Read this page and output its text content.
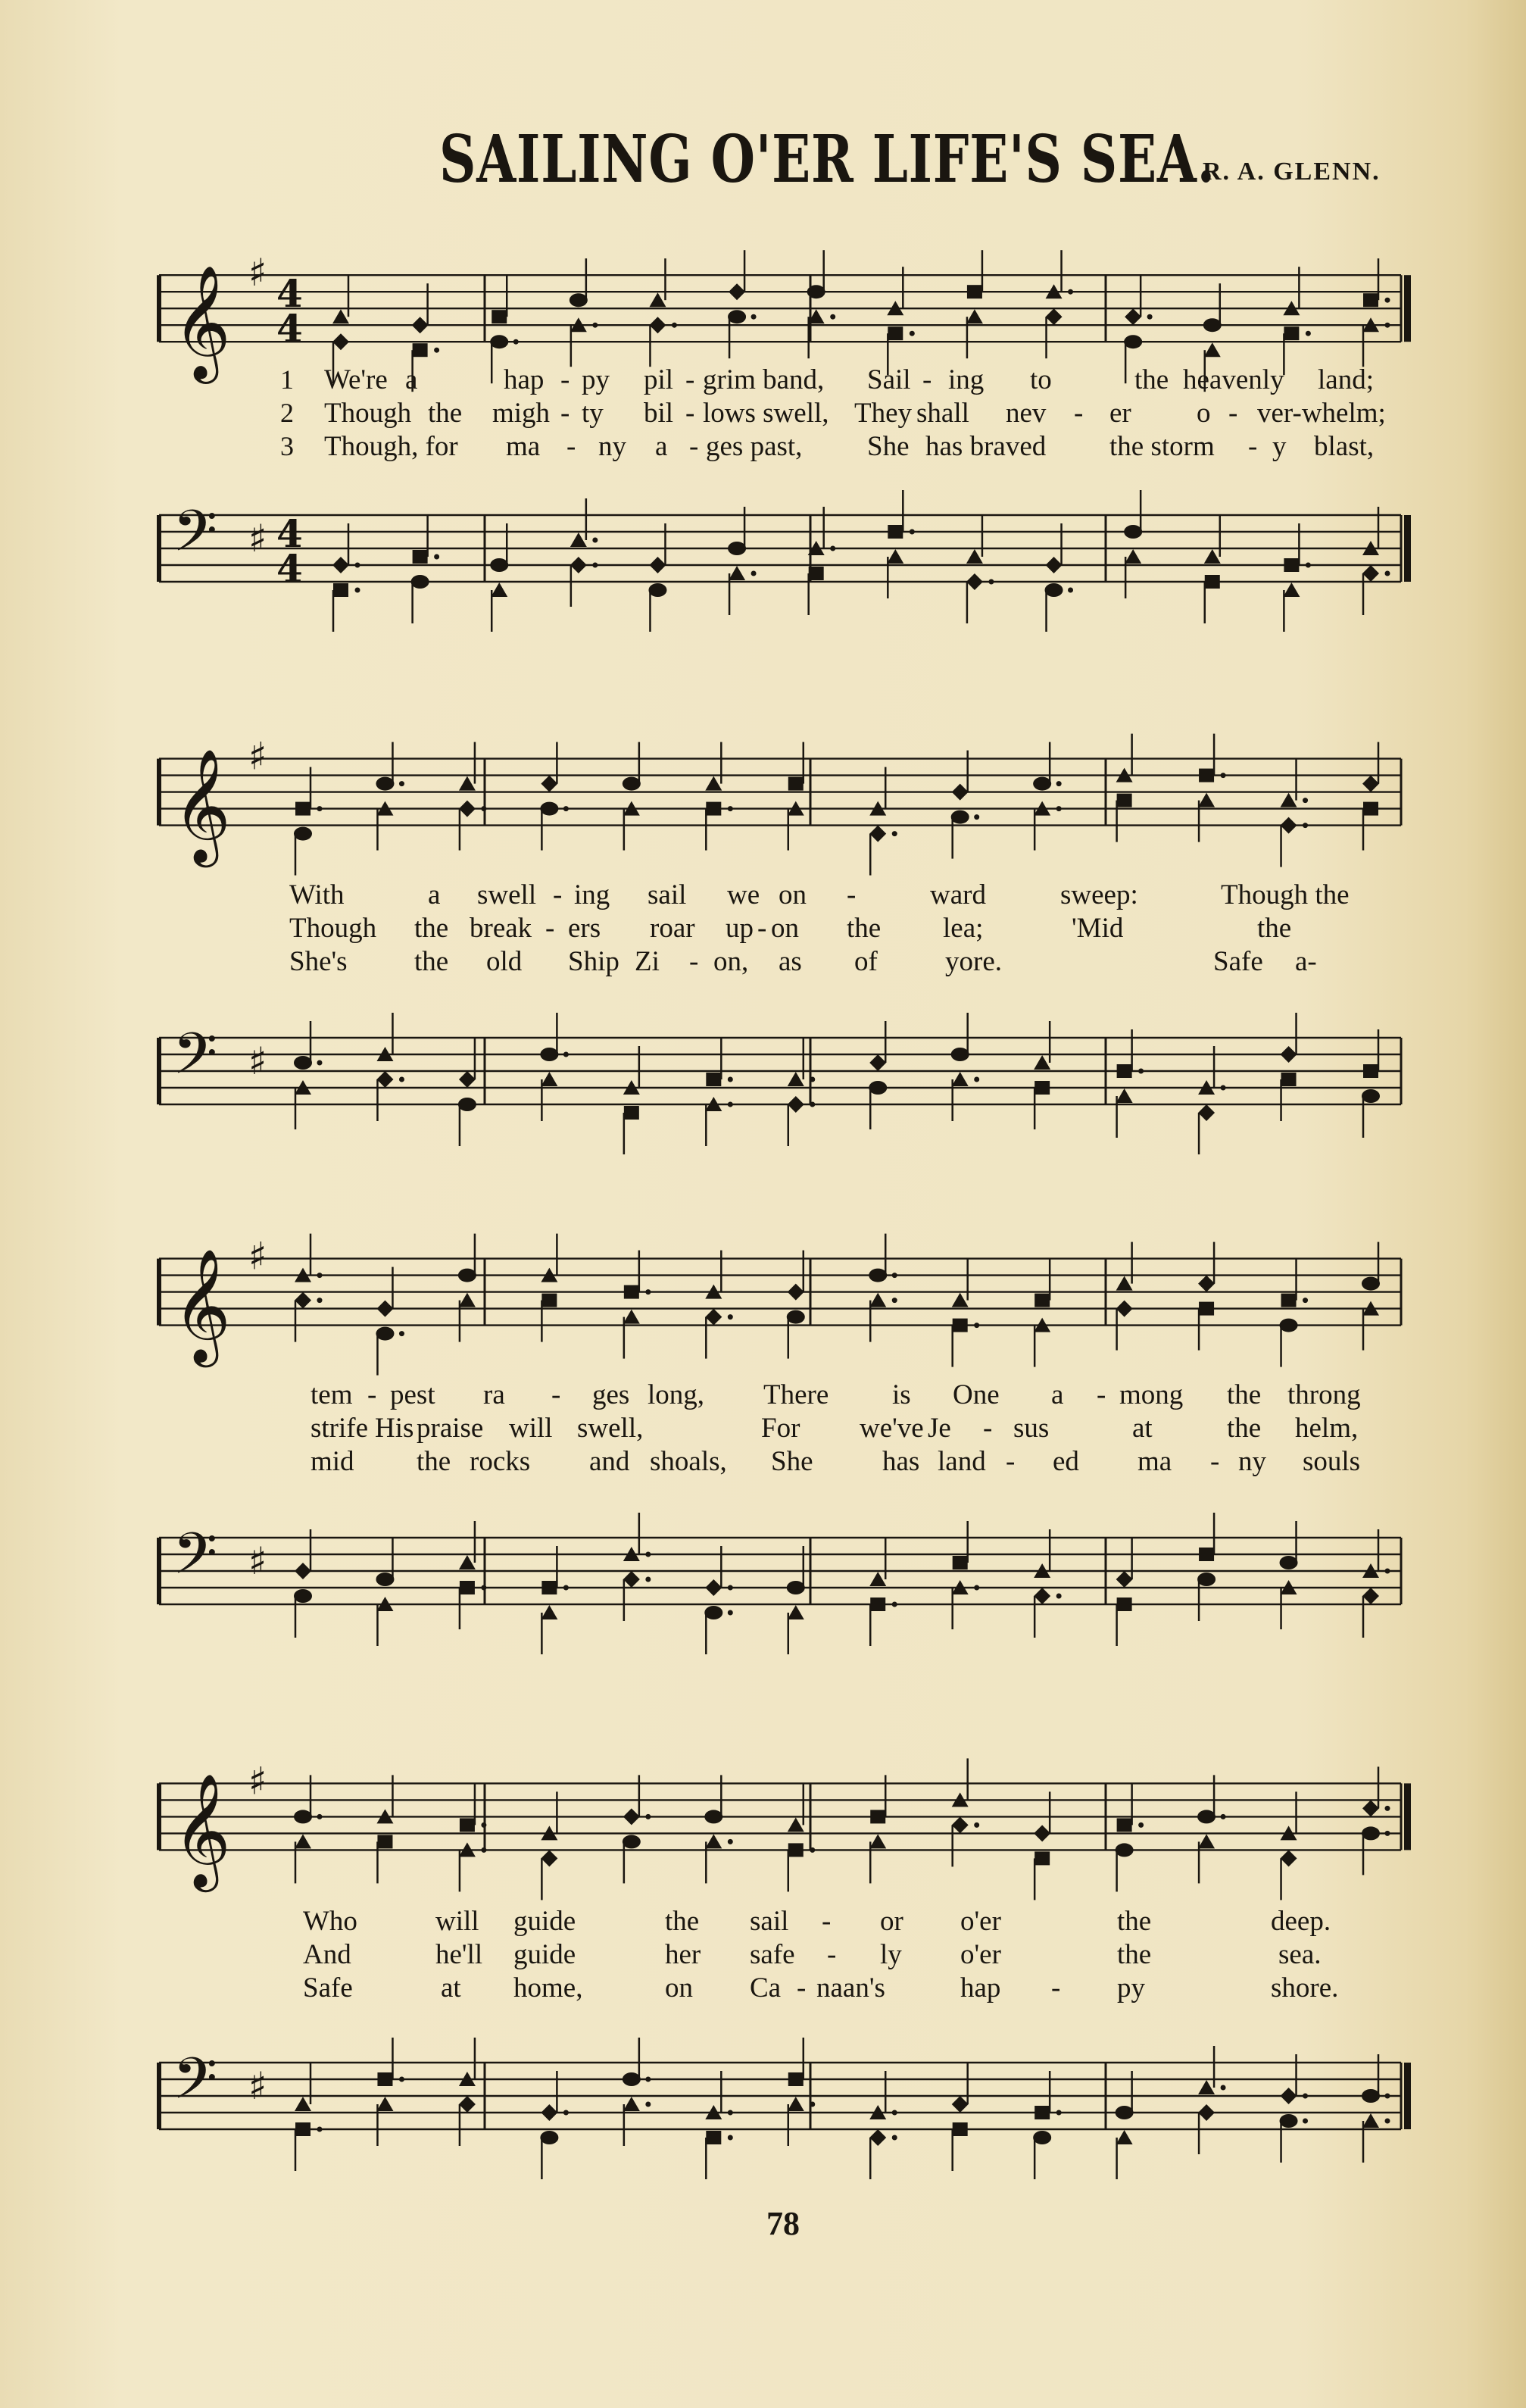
SAILING O'ER LIFE'S SEA.
R. A. GLENN.
𝄞 ♯ 4
4
1 We're a	hap - py pil - grim band, Sail - ing to	the heavenly land;
2 Though the migh - ty bil - lows swell, They shall nev - er o - ver-whelm;
3 Though, for ma - ny a - ges past, She has braved the storm - y blast,
𝄢 ♯ 4
4
𝄞 ♯
With	a swell - ing sail we on -	ward	sweep:	Though the
Though the break - ers roar up - on the lea;	'Mid	the
She's the old Ship Zi - on, as of yore.	Safe a-
𝄢 ♯
𝄞 ♯
tem - pest ra - ges long, There is One a - mong the throng
strife His praise will swell,	For we've Je - sus	at	the helm,
mid the rocks and shoals, She has land - ed ma - ny souls
𝄢 ♯
𝄞 ♯
Who	will guide	the sail - or o'er	the	deep.
And	he'll guide	her safe - ly o'er	the	sea.
Safe	at home,	on Ca - naan's	hap - py	shore.
𝄢 ♯
78
